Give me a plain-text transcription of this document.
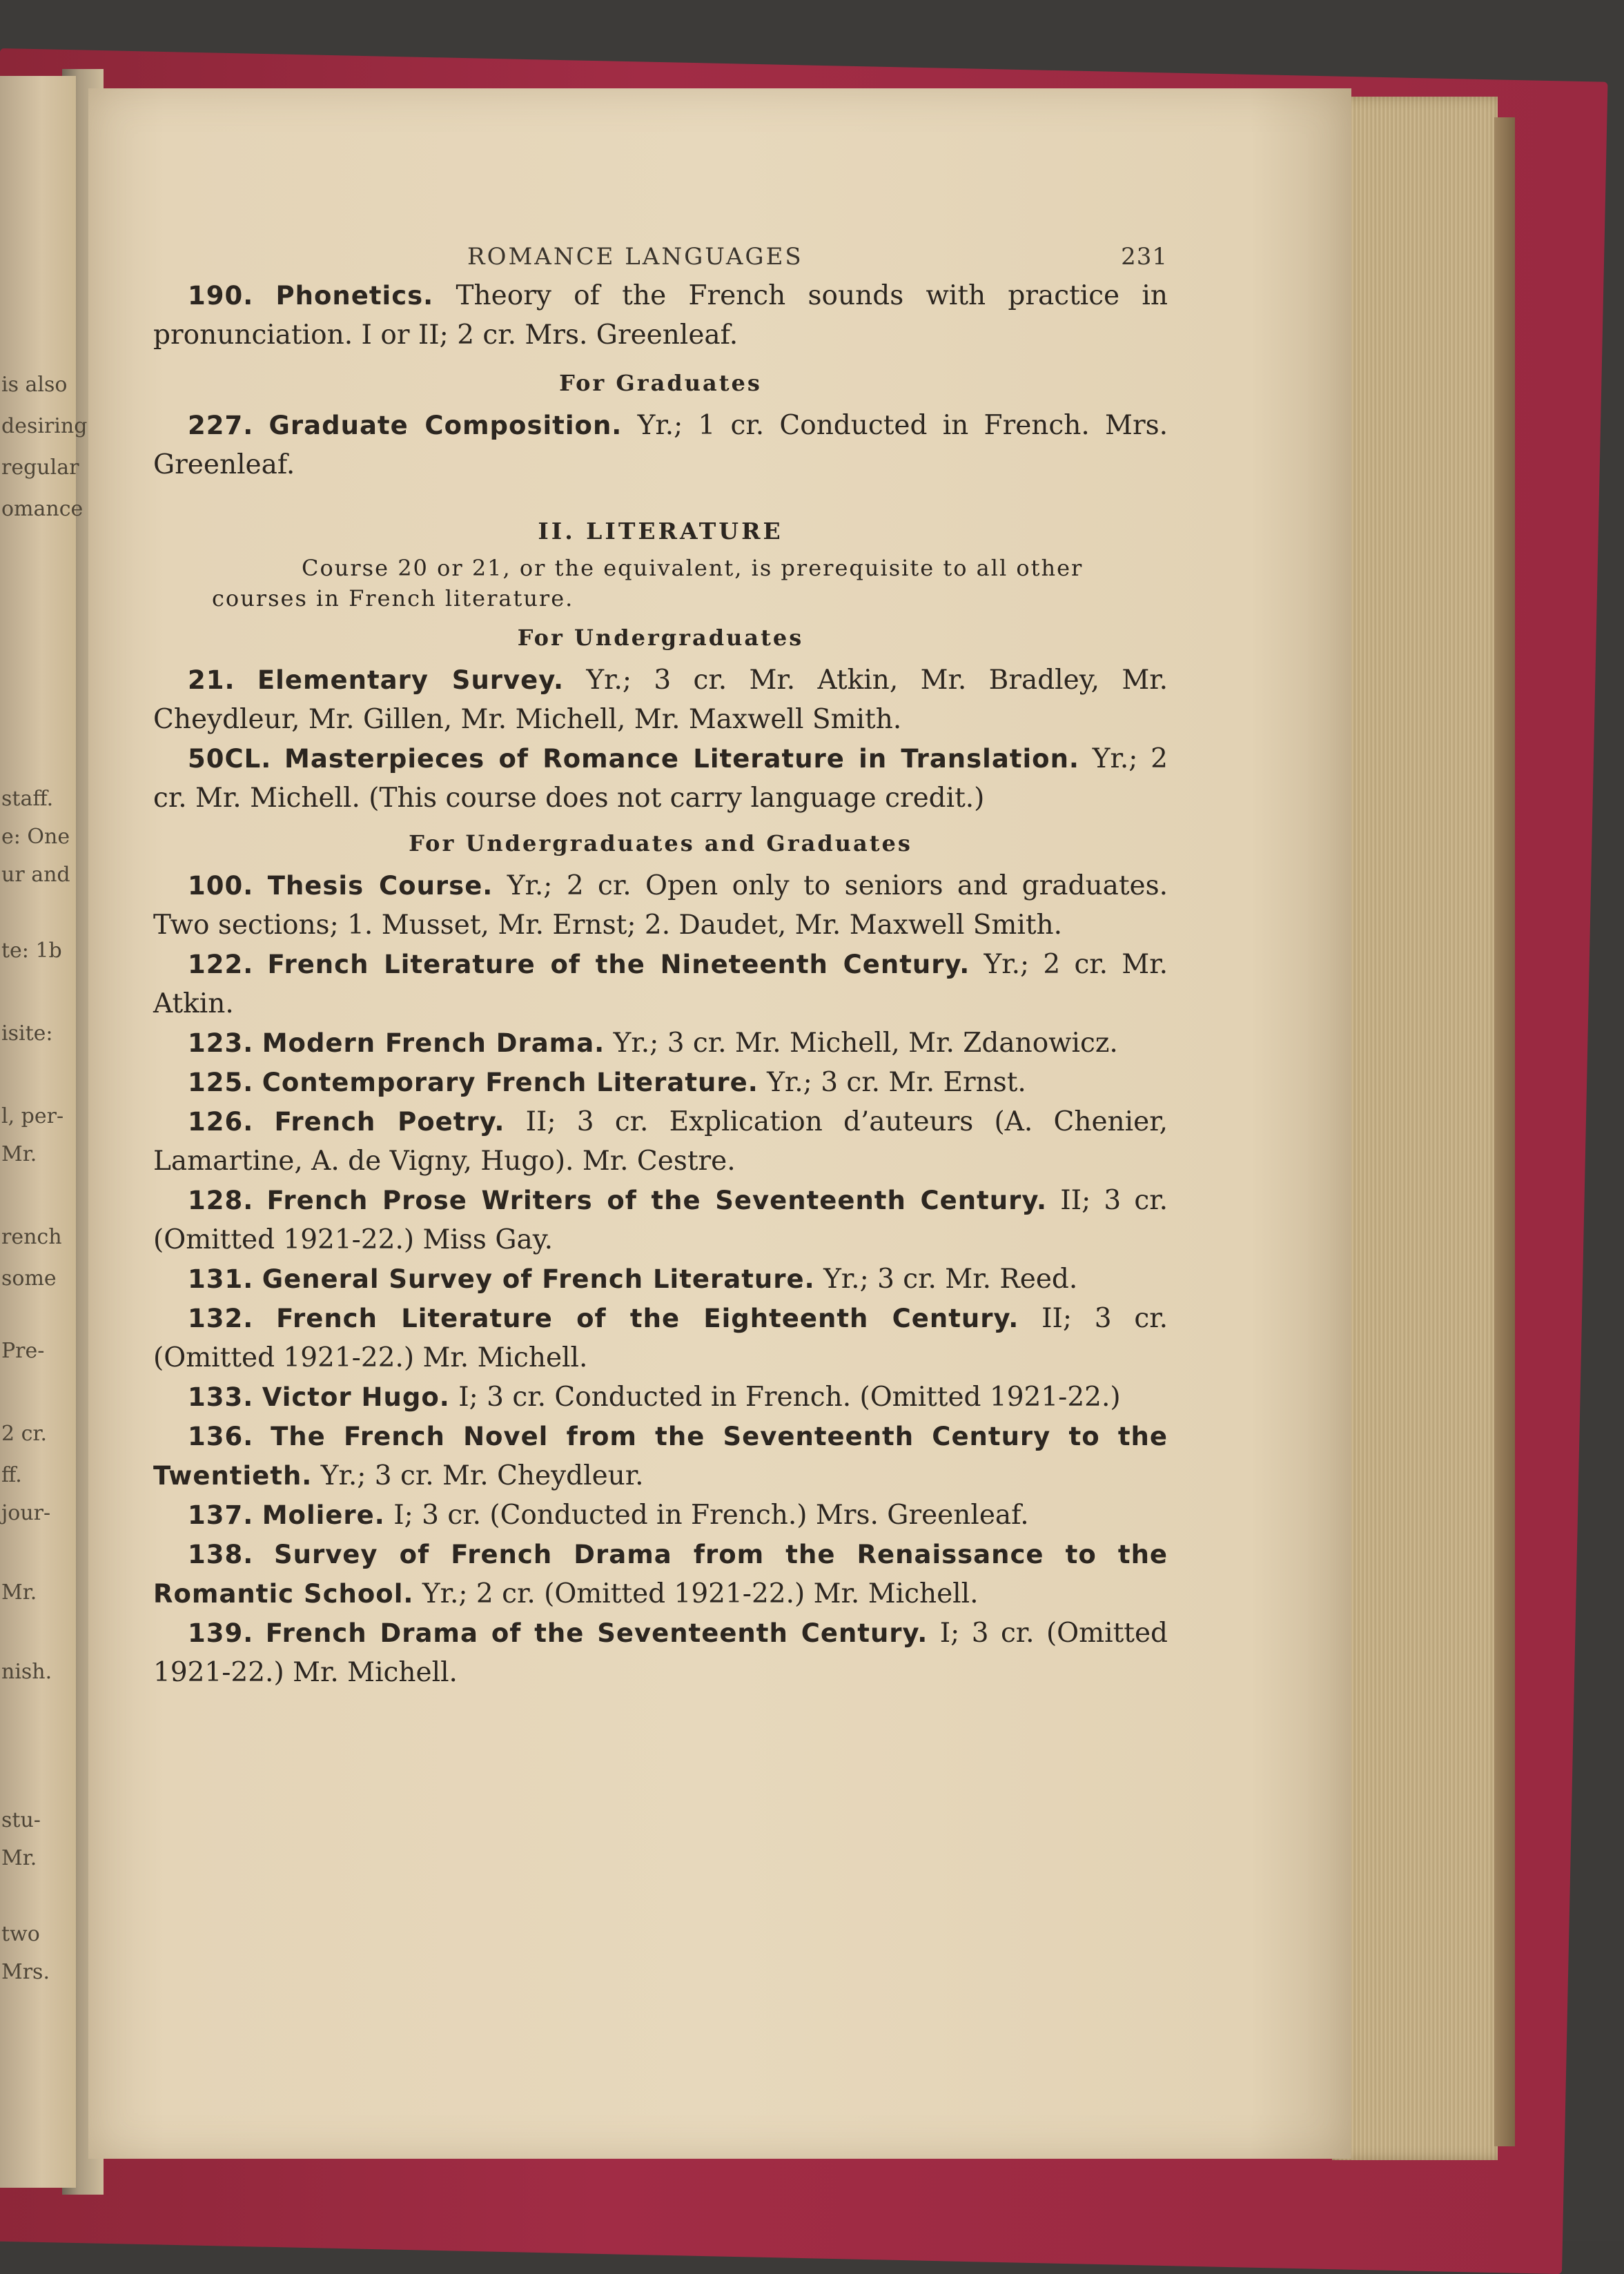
is also
desiring
regular
omance
staff.
e: One
ur and
te: 1b
isite:
l, per-
Mr.
rench
some
Pre-
2 cr.
ff.
jour-
Mr.
nish.
stu-
Mr.
two
Mrs.
ROMANCE LANGUAGES	231

190. Phonetics. Theory of the French sounds with practice in pronunciation. I or II; 2 cr. Mrs. Greenleaf.

For Graduates

227. Graduate Composition. Yr.; 1 cr. Conducted in French. Mrs. Greenleaf.

II. LITERATURE

Course 20 or 21, or the equivalent, is prerequisite to all other courses in French literature.

For Undergraduates

21. Elementary Survey. Yr.; 3 cr. Mr. Atkin, Mr. Bradley, Mr. Cheydleur, Mr. Gillen, Mr. Michell, Mr. Maxwell Smith.

50CL. Masterpieces of Romance Literature in Translation. Yr.; 2 cr. Mr. Michell. (This course does not carry language credit.)

For Undergraduates and Graduates

100. Thesis Course. Yr.; 2 cr. Open only to seniors and graduates. Two sections; 1. Musset, Mr. Ernst; 2. Daudet, Mr. Maxwell Smith.

122. French Literature of the Nineteenth Century. Yr.; 2 cr. Mr. Atkin.

123. Modern French Drama. Yr.; 3 cr. Mr. Michell, Mr. Zdanowicz.

125. Contemporary French Literature. Yr.; 3 cr. Mr. Ernst.

126. French Poetry. II; 3 cr. Explication d’auteurs (A. Chenier, Lamartine, A. de Vigny, Hugo). Mr. Cestre.

128. French Prose Writers of the Seventeenth Century. II; 3 cr. (Omitted 1921-22.) Miss Gay.

131. General Survey of French Literature. Yr.; 3 cr. Mr. Reed.

132. French Literature of the Eighteenth Century. II; 3 cr. (Omitted 1921-22.) Mr. Michell.

133. Victor Hugo. I; 3 cr. Conducted in French. (Omitted 1921-22.)

136. The French Novel from the Seventeenth Century to the Twentieth. Yr.; 3 cr. Mr. Cheydleur.

137. Moliere. I; 3 cr. (Conducted in French.) Mrs. Greenleaf.

138. Survey of French Drama from the Renaissance to the Romantic School. Yr.; 2 cr. (Omitted 1921-22.) Mr. Michell.

139. French Drama of the Seventeenth Century. I; 3 cr. (Omitted 1921-22.) Mr. Michell.
